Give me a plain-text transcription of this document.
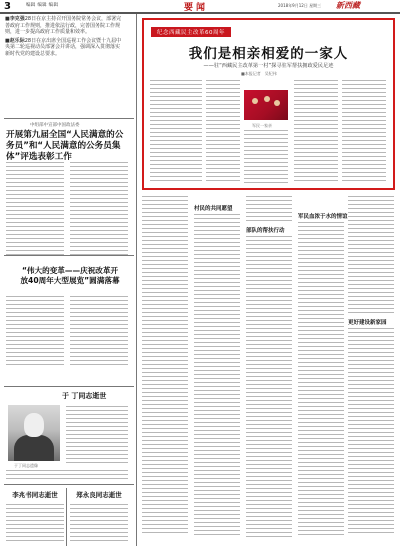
3	编辑 编辑 编辑	要闻	2018年9月12日 星期三 新西藏

■李克强28日在京主持召开国务院常务会议，部署完善政府工作规则，推进依法行政，完善国务院工作规则，进一步提高政府工作质量和效率。

■赵乐际28日在京出席全国巡视工作会议暨十九届中央第二轮巡视动员部署会并讲话，强调深入贯彻落实新时代党的建设总要求。

中组部中宣部中国政法委
开展第九届全国“人民满意的公务员”和“人民满意的公务员集体”评选表彰工作
“伟大的变革——庆祝改革开放40周年大型展览”圆满落幕
于 丁同志逝世
于丁同志遗像
李兆书同志逝世	郑永良同志逝世
纪念西藏民主改革60周年
我们是相亲相爱的一家人
——驻“西藏民主改革第一村”探寻驻军帮扶拥政爱民足迹
■本报记者　吴纪伟
军民一家亲
村民的共同愿望
部队的帮扶行动
军民血浓于水的情谊
更好建设新家园
